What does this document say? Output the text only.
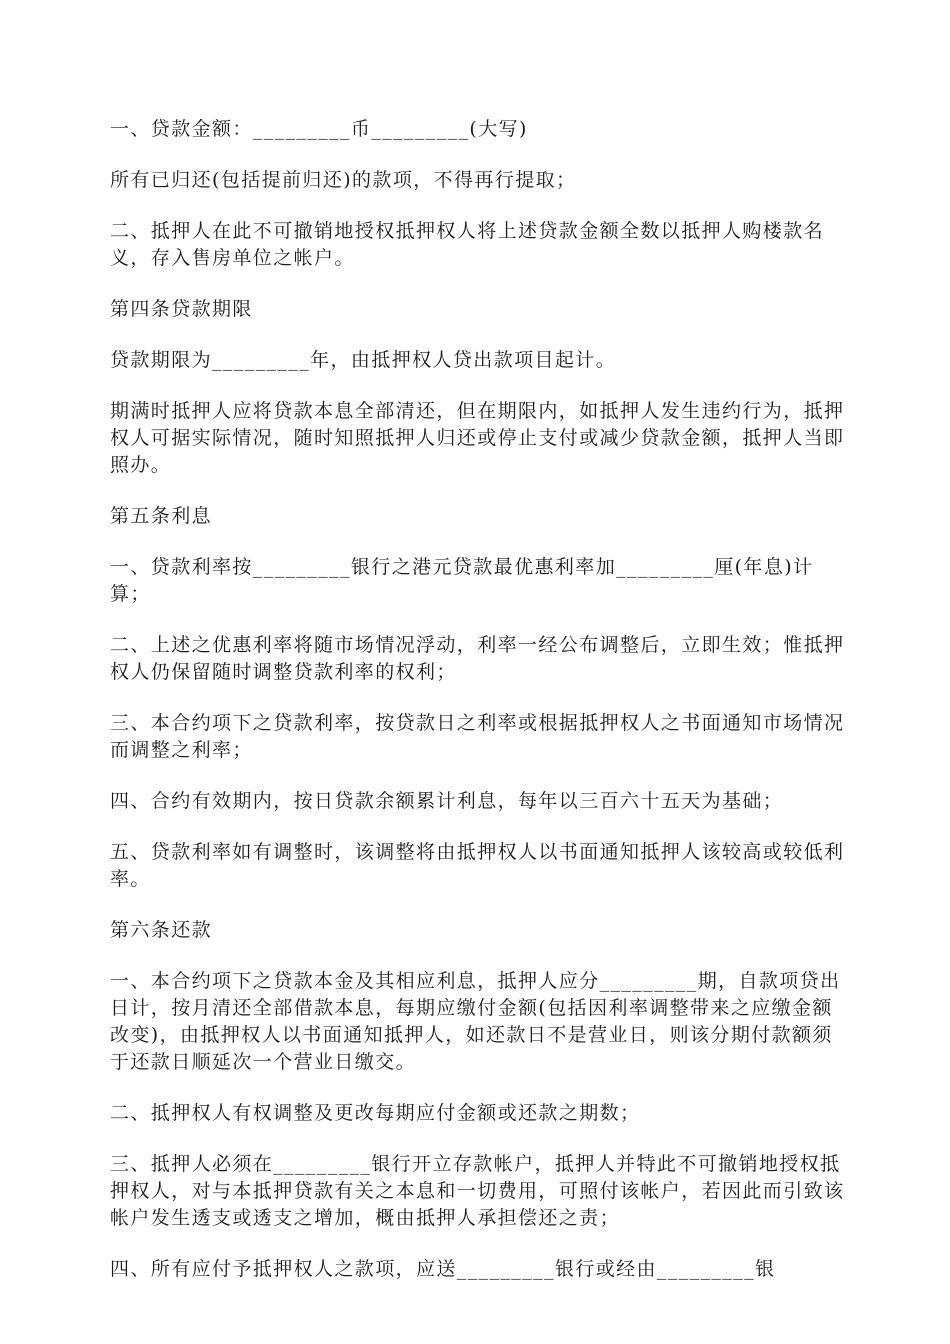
一、贷款金额：_________币_________(大写)

所有已归还(包括提前归还)的款项，不得再行提取；

二、抵押人在此不可撤销地授权抵押权人将上述贷款金额全数以抵押人购楼款名义，存入售房单位之帐户。

第四条贷款期限

贷款期限为_________年，由抵押权人贷出款项目起计。

期满时抵押人应将贷款本息全部清还，但在期限内，如抵押人发生违约行为，抵押权人可据实际情况，随时知照抵押人归还或停止支付或减少贷款金额，抵押人当即照办。

第五条利息

一、贷款利率按_________银行之港元贷款最优惠利率加_________厘(年息)计算；

二、上述之优惠利率将随市场情况浮动，利率一经公布调整后，立即生效；惟抵押权人仍保留随时调整贷款利率的权利；

三、本合约项下之贷款利率，按贷款日之利率或根据抵押权人之书面通知市场情况而调整之利率；

四、合约有效期内，按日贷款余额累计利息，每年以三百六十五天为基础；

五、贷款利率如有调整时，该调整将由抵押权人以书面通知抵押人该较高或较低利率。

第六条还款

一、本合约项下之贷款本金及其相应利息，抵押人应分_________期，自款项贷出日计，按月清还全部借款本息，每期应缴付金额(包括因利率调整带来之应缴金额改变)，由抵押权人以书面通知抵押人，如还款日不是营业日，则该分期付款额须于还款日顺延次一个营业日缴交。

二、抵押权人有权调整及更改每期应付金额或还款之期数；

三、抵押人必须在_________银行开立存款帐户，抵押人并特此不可撤销地授权抵押权人，对与本抵押贷款有关之本息和一切费用，可照付该帐户，若因此而引致该帐户发生透支或透支之增加，概由抵押人承担偿还之责；

四、所有应付予抵押权人之款项，应送_________银行或经由_________银
